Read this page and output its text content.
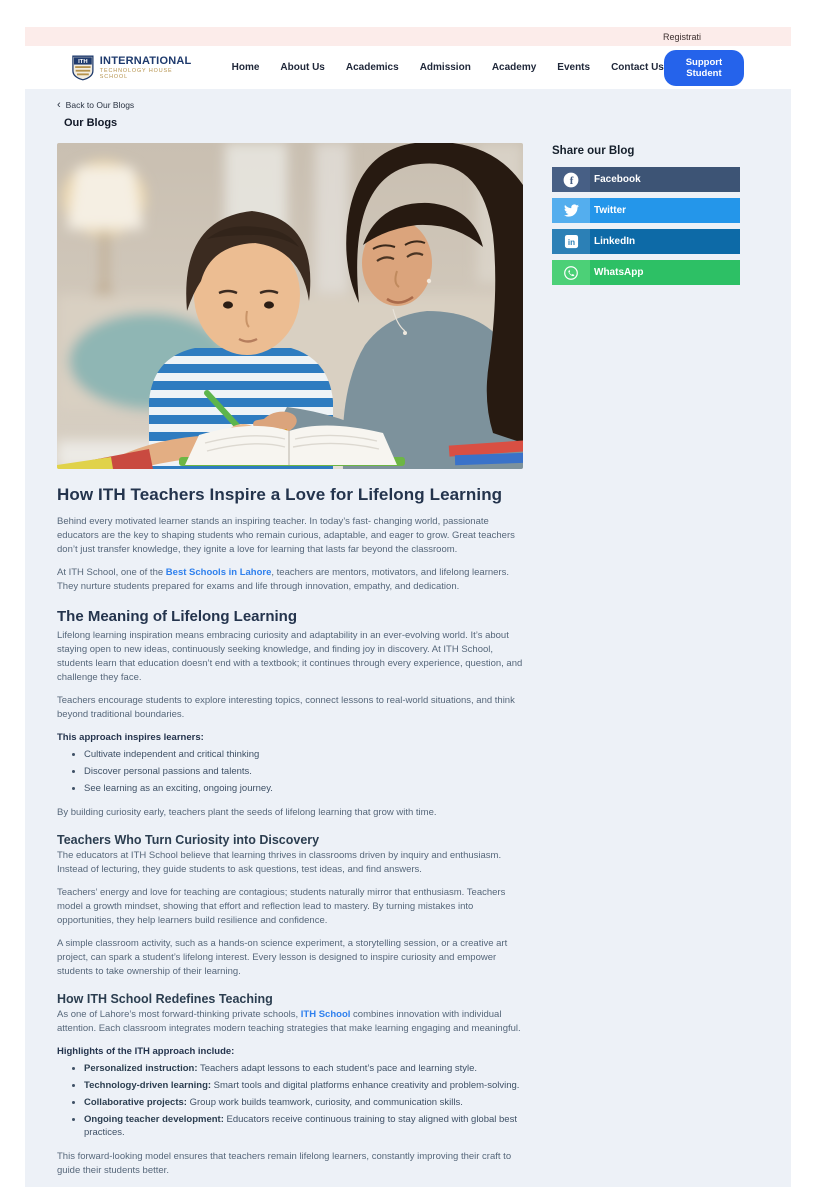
Registrati
ITH INTERNATIONAL
TECHNOLOGY HOUSE SCHOOL
Home About Us Academics Admission Academy Events Contact Us	Support Student
‹ Back to Our Blogs
Our Blogs
How ITH Teachers Inspire a Love for Lifelong Learning

Behind every motivated learner stands an inspiring teacher. In today’s fast- changing world, passionate educators are the key to shaping students who remain curious, adaptable, and eager to grow. Great teachers don’t just transfer knowledge, they ignite a love for learning that lasts far beyond the classroom.

At ITH School, one of the Best Schools in Lahore, teachers are mentors, motivators, and lifelong learners. They nurture students prepared for exams and life through innovation, empathy, and dedication.

The Meaning of Lifelong Learning

Lifelong learning inspiration means embracing curiosity and adaptability in an ever-evolving world. It’s about staying open to new ideas, continuously seeking knowledge, and finding joy in discovery. At ITH School, students learn that education doesn’t end with a textbook; it continues through every experience, question, and challenge they face.

Teachers encourage students to explore interesting topics, connect lessons to real-world situations, and think beyond traditional boundaries.

This approach inspires learners:
• Cultivate independent and critical thinking
• Discover personal passions and talents.
• See learning as an exciting, ongoing journey.

By building curiosity early, teachers plant the seeds of lifelong learning that grow with time.

Teachers Who Turn Curiosity into Discovery

The educators at ITH School believe that learning thrives in classrooms driven by inquiry and enthusiasm. Instead of lecturing, they guide students to ask questions, test ideas, and find answers.

Teachers’ energy and love for teaching are contagious; students naturally mirror that enthusiasm. Teachers model a growth mindset, showing that effort and reflection lead to mastery. By turning mistakes into opportunities, they help learners build resilience and confidence.

A simple classroom activity, such as a hands-on science experiment, a storytelling session, or a creative art project, can spark a student’s lifelong interest. Every lesson is designed to inspire curiosity and empower students to take ownership of their learning.

How ITH School Redefines Teaching

As one of Lahore’s most forward-thinking private schools, ITH School combines innovation with individual attention. Each classroom integrates modern teaching strategies that make learning engaging and meaningful.

Highlights of the ITH approach include:
• Personalized instruction: Teachers adapt lessons to each student’s pace and learning style.
• Technology-driven learning: Smart tools and digital platforms enhance creativity and problem-solving.
• Collaborative projects: Group work builds teamwork, curiosity, and communication skills.
• Ongoing teacher development: Educators receive continuous training to stay aligned with global best practices.

This forward-looking model ensures that teachers remain lifelong learners, constantly improving their craft to guide their students better.

Share our Blog
f	Facebook
Twitter
in	LinkedIn
WhatsApp
